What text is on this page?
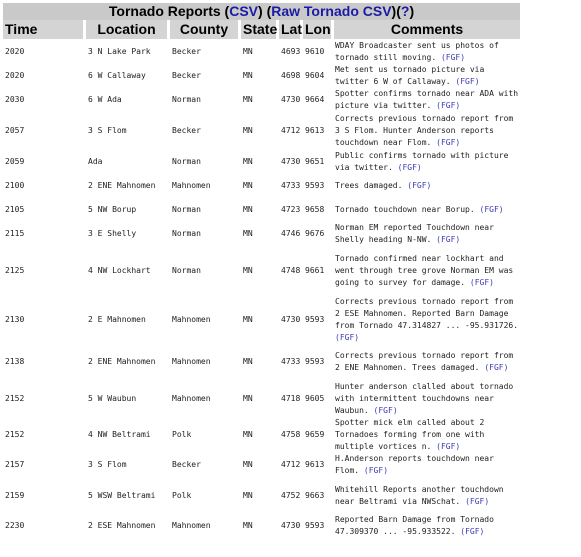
Tornado Reports (CSV) (Raw Tornado CSV)(?)						
Time	Location	County	State	Lat	Lon	Comments
2020	3 N Lake Park	Becker	MN	4693	9610	WDAY Broadcaster sent us photos of tornado still moving. (FGF)
2020	6 W Callaway	Becker	MN	4698	9604	Met sent us tornado picture via twitter 6 W of Callaway. (FGF)
2030	6 W Ada	Norman	MN	4730	9664	Spotter confirms tornado near ADA with picture via twitter. (FGF)
2057	3 S Flom	Becker	MN	4712	9613	Corrects previous tornado report from 3 S Flom. Hunter Anderson reports touchdown near Flom. (FGF)
2059	Ada	Norman	MN	4730	9651	Public confirms tornado with picture via twitter. (FGF)
2100	2 ENE Mahnomen	Mahnomen	MN	4733	9593	Trees damaged. (FGF)
2105	5 NW Borup	Norman	MN	4723	9658	Tornado touchdown near Borup. (FGF)
2115	3 E Shelly	Norman	MN	4746	9676	Norman EM reported Touchdown near Shelly heading N-NW. (FGF)
2125	4 NW Lockhart	Norman	MN	4748	9661	Tornado confirmed near lockhart and went through tree grove Norman EM was going to survey for damage. (FGF)
2130	2 E Mahnomen	Mahnomen	MN	4730	9593	Corrects previous tornado report from 2 ESE Mahnomen. Reported Barn Damage from Tornado 47.314827 ... -95.931726. (FGF)
2138	2 ENE Mahnomen	Mahnomen	MN	4733	9593	Corrects previous tornado report from 2 ENE Mahnomen. Trees damaged. (FGF)
2152	5 W Waubun	Mahnomen	MN	4718	9605	Hunter anderson clalled about tornado with intermittent touchdowns near Waubun. (FGF)
2152	4 NW Beltrami	Polk	MN	4758	9659	Spotter mick elm called about 2 Tornadoes forming from one with multiple vortices n. (FGF)
2157	3 S Flom	Becker	MN	4712	9613	H.Anderson reports touchdown near Flom. (FGF)
2159	5 WSW Beltrami	Polk	MN	4752	9663	Whitehill Reports another touchdown near Beltrami via NWSchat. (FGF)
2230	2 ESE Mahnomen	Mahnomen	MN	4730	9593	Reported Barn Damage from Tornado 47.309370 ... -95.933522. (FGF)
